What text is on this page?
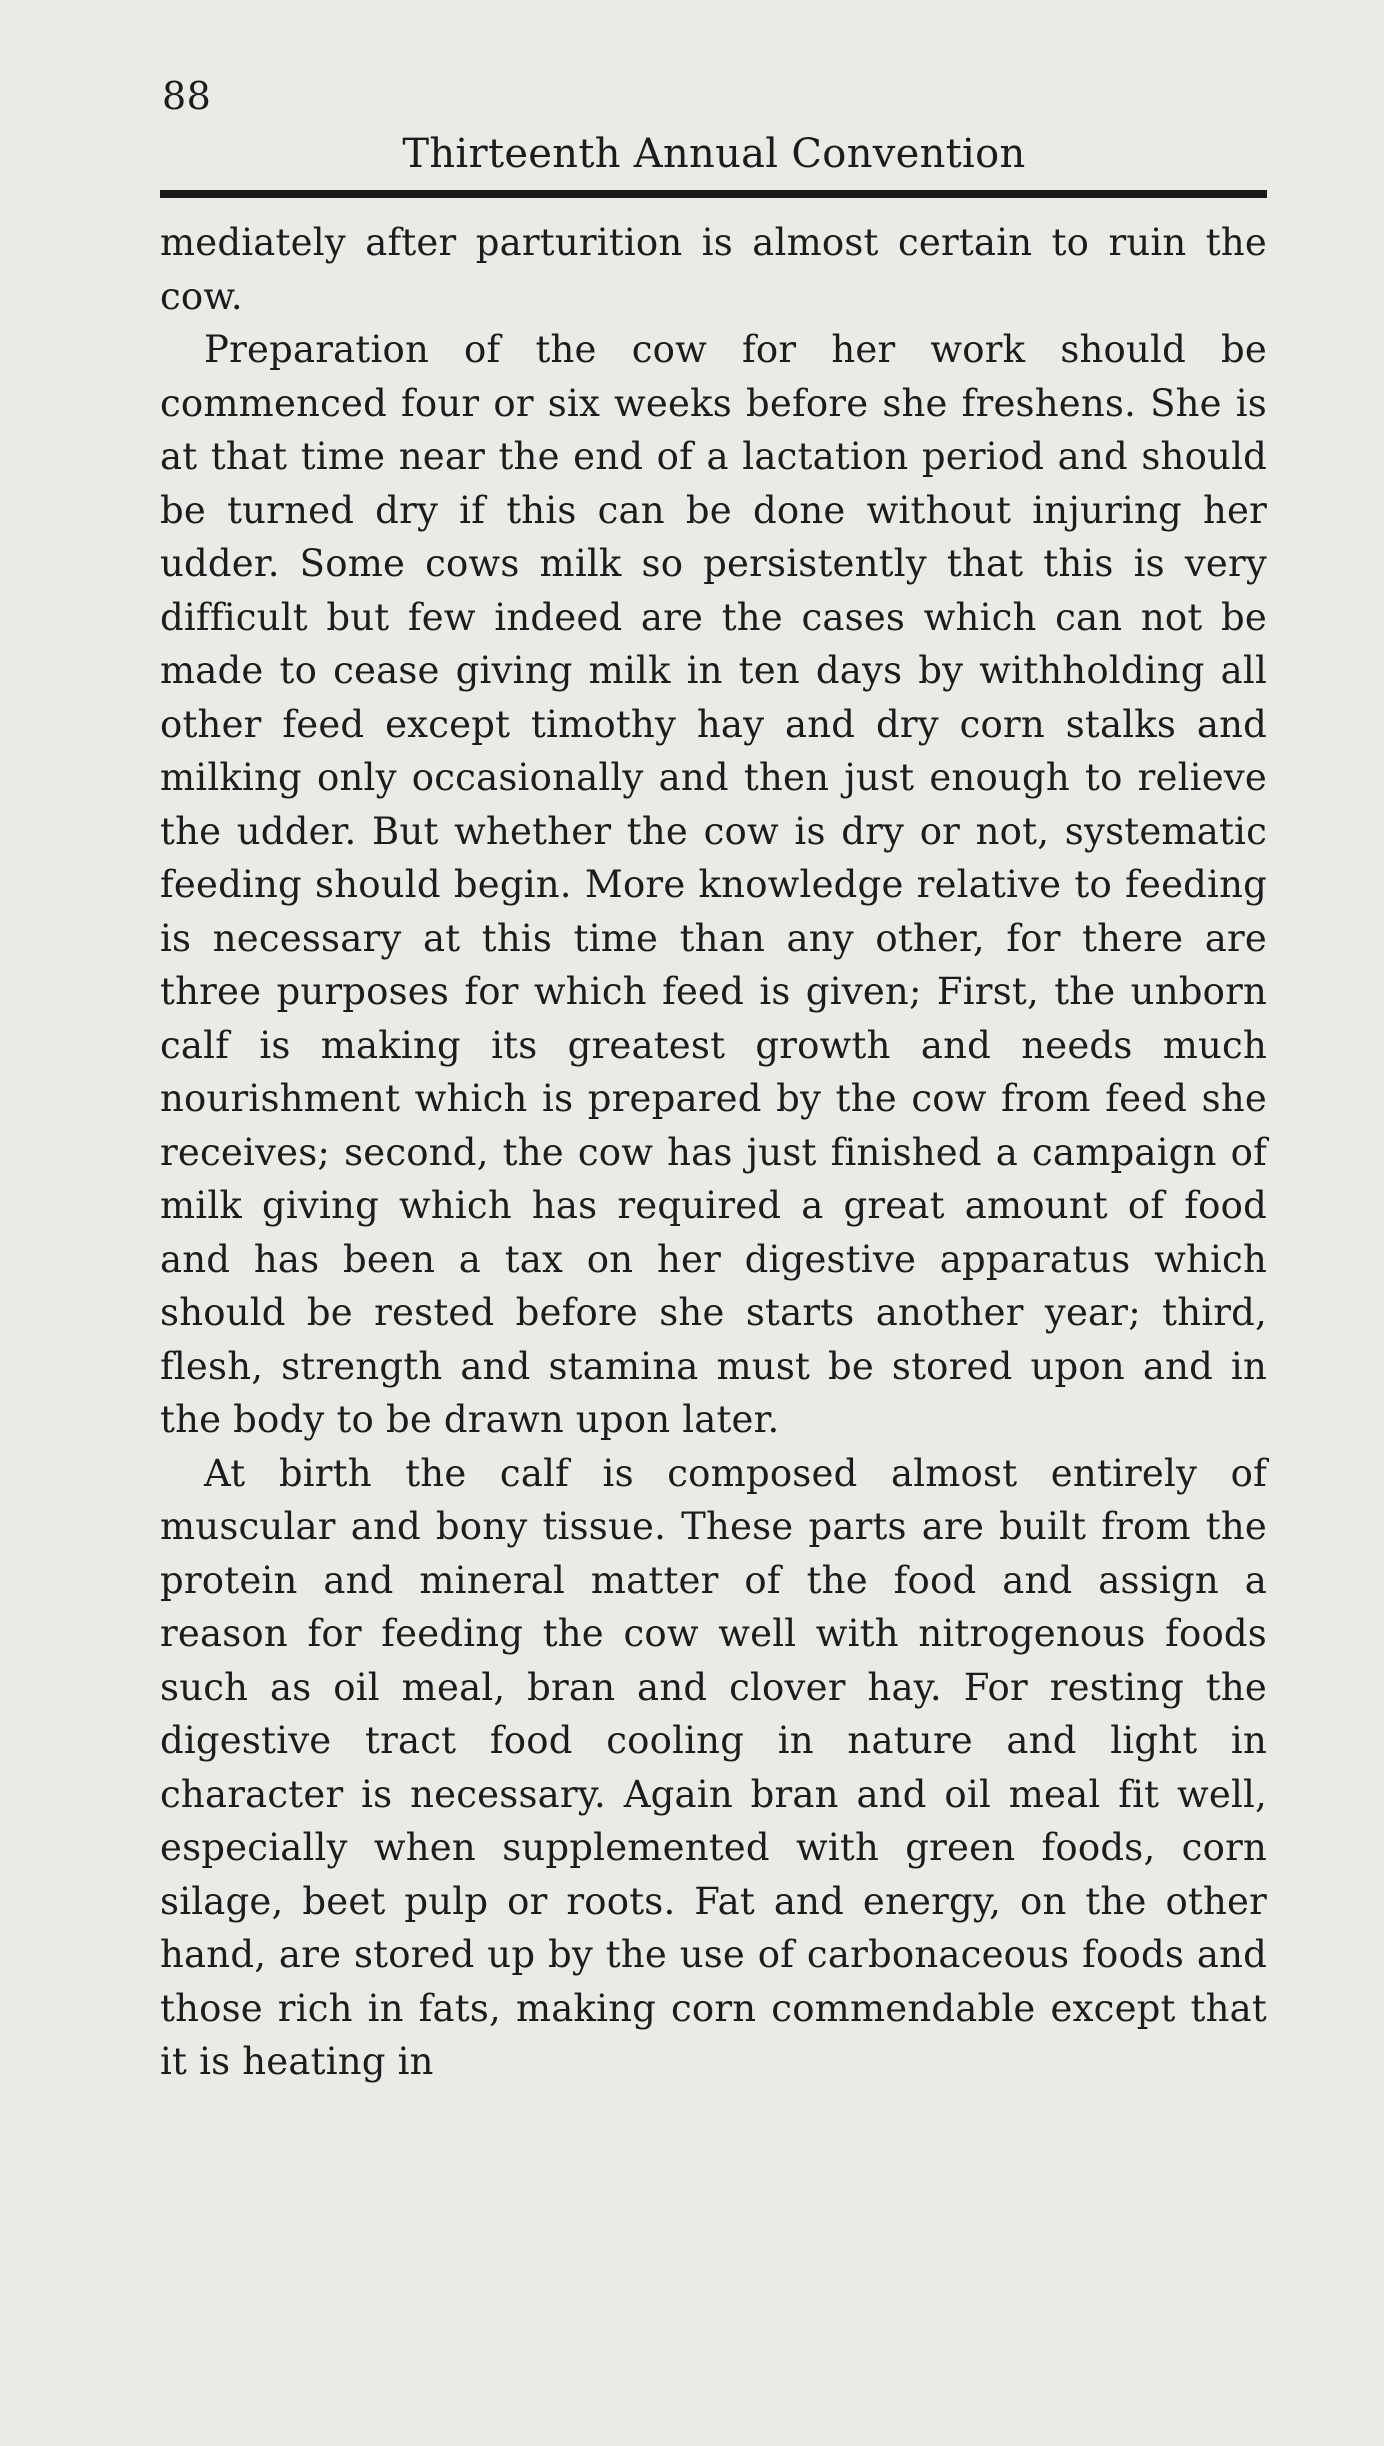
88
Thirteenth Annual Convention

mediately after parturition is almost certain to ruin the cow.

Preparation of the cow for her work should be commenced four or six weeks before she freshens. She is at that time near the end of a lactation period and should be turned dry if this can be done without injuring her udder. Some cows milk so persistently that this is very difficult but few indeed are the cases which can not be made to cease giving milk in ten days by withholding all other feed except timothy hay and dry corn stalks and milking only occasionally and then just enough to relieve the udder. But whether the cow is dry or not, systematic feeding should begin. More knowledge relative to feeding is necessary at this time than any other, for there are three purposes for which feed is given; First, the unborn calf is making its greatest growth and needs much nourishment which is prepared by the cow from feed she receives; second, the cow has just finished a campaign of milk giving which has required a great amount of food and has been a tax on her digestive apparatus which should be rested before she starts another year; third, flesh, strength and stamina must be stored upon and in the body to be drawn upon later.

At birth the calf is composed almost entirely of muscular and bony tissue. These parts are built from the protein and mineral matter of the food and assign a reason for feeding the cow well with nitrogenous foods such as oil meal, bran and clover hay. For resting the digestive tract food cooling in nature and light in character is necessary. Again bran and oil meal fit well, especially when supplemented with green foods, corn silage, beet pulp or roots. Fat and energy, on the other hand, are stored up by the use of carbonaceous foods and those rich in fats, making corn commendable except that it is heating in
